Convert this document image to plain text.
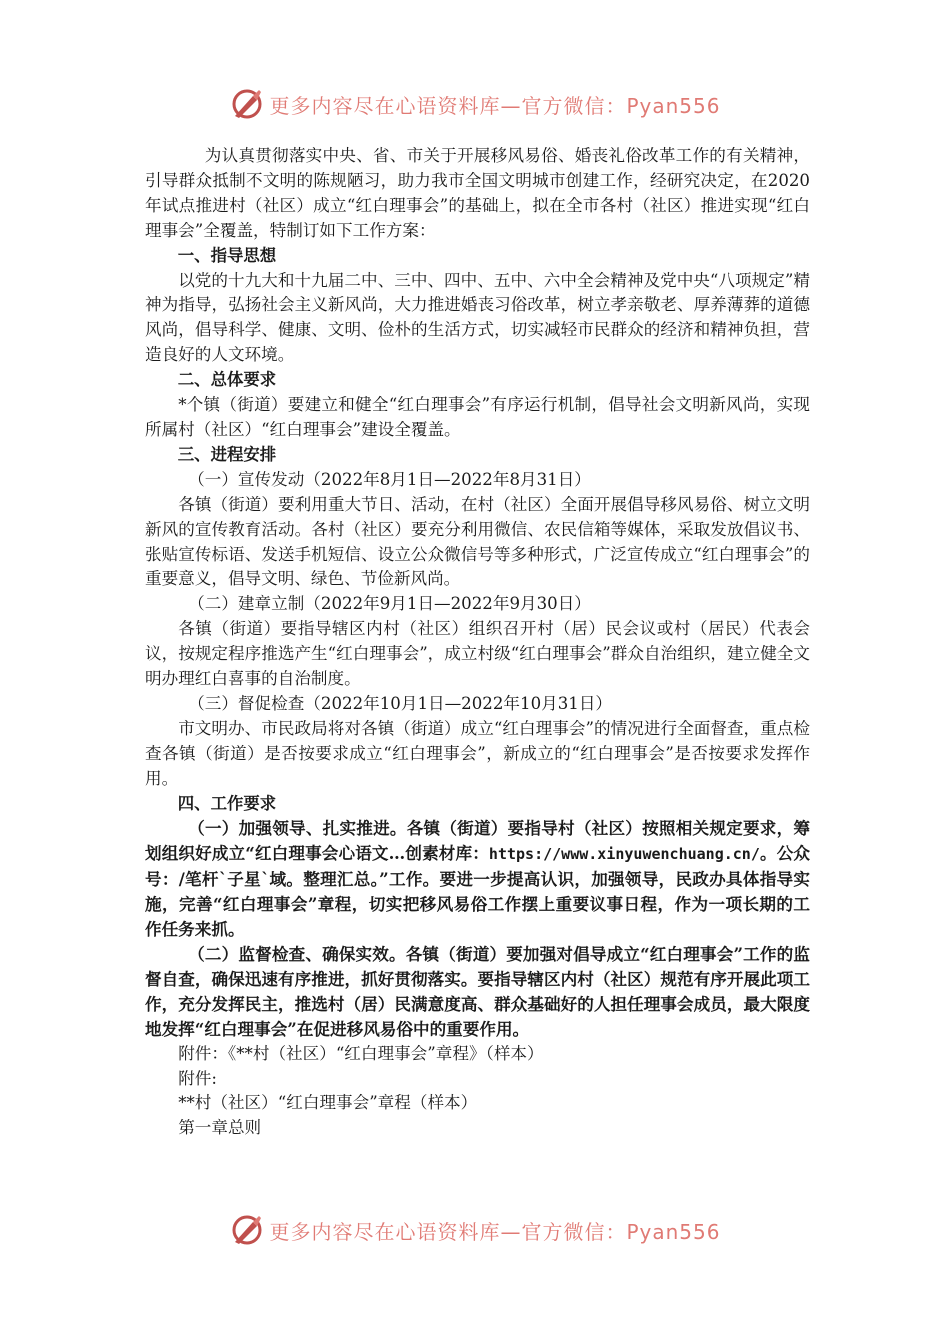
更多内容尽在心语资料库—官方微信：Pyan556

为认真贯彻落实中央、省、市关于开展移风易俗、婚丧礼俗改革工作的有关精神，引导群众抵制不文明的陈规陋习，助力我市全国文明城市创建工作，经研究决定，在2020年试点推进村（社区）成立“红白理事会”的基础上，拟在全市各村（社区）推进实现“红白理事会”全覆盖，特制订如下工作方案：

一、指导思想

以党的十九大和十九届二中、三中、四中、五中、六中全会精神及党中央“八项规定”精神为指导，弘扬社会主义新风尚，大力推进婚丧习俗改革，树立孝亲敬老、厚养薄葬的道德风尚，倡导科学、健康、文明、俭朴的生活方式，切实减轻市民群众的经济和精神负担，营造良好的人文环境。

二、总体要求

*个镇（街道）要建立和健全“红白理事会”有序运行机制，倡导社会文明新风尚，实现所属村（社区）“红白理事会”建设全覆盖。

三、进程安排

（一）宣传发动（2022年8月1日—2022年8月31日）

各镇（街道）要利用重大节日、活动，在村（社区）全面开展倡导移风易俗、树立文明新风的宣传教育活动。各村（社区）要充分利用微信、农民信箱等媒体，采取发放倡议书、张贴宣传标语、发送手机短信、设立公众微信号等多种形式，广泛宣传成立“红白理事会”的重要意义，倡导文明、绿色、节俭新风尚。

（二）建章立制（2022年9月1日—2022年9月30日）

各镇（街道）要指导辖区内村（社区）组织召开村（居）民会议或村（居民）代表会议，按规定程序推选产生“红白理事会”，成立村级“红白理事会”群众自治组织，建立健全文明办理红白喜事的自治制度。

（三）督促检查（2022年10月1日—2022年10月31日）

市文明办、市民政局将对各镇（街道）成立“红白理事会”的情况进行全面督查，重点检查各镇（街道）是否按要求成立“红白理事会”，新成立的“红白理事会”是否按要求发挥作用。

四、工作要求

（一）加强领导、扎实推进。各镇（街道）要指导村（社区）按照相关规定要求，筹划组织好成立“红白理事会心语文…创素材库：https://www.xinyuwenchuang.cn/。公众号：/笔杆`子星`域。整理汇总。”工作。要进一步提高认识，加强领导，民政办具体指导实施，完善“红白理事会”章程，切实把移风易俗工作摆上重要议事日程，作为一项长期的工作任务来抓。

（二）监督检查、确保实效。各镇（街道）要加强对倡导成立“红白理事会”工作的监督自查，确保迅速有序推进，抓好贯彻落实。要指导辖区内村（社区）规范有序开展此项工作，充分发挥民主，推选村（居）民满意度高、群众基础好的人担任理事会成员，最大限度地发挥“红白理事会”在促进移风易俗中的重要作用。

附件：《**村（社区）“红白理事会”章程》（样本）

附件:

**村（社区）“红白理事会”章程（样本）

第一章总则

更多内容尽在心语资料库—官方微信：Pyan556
